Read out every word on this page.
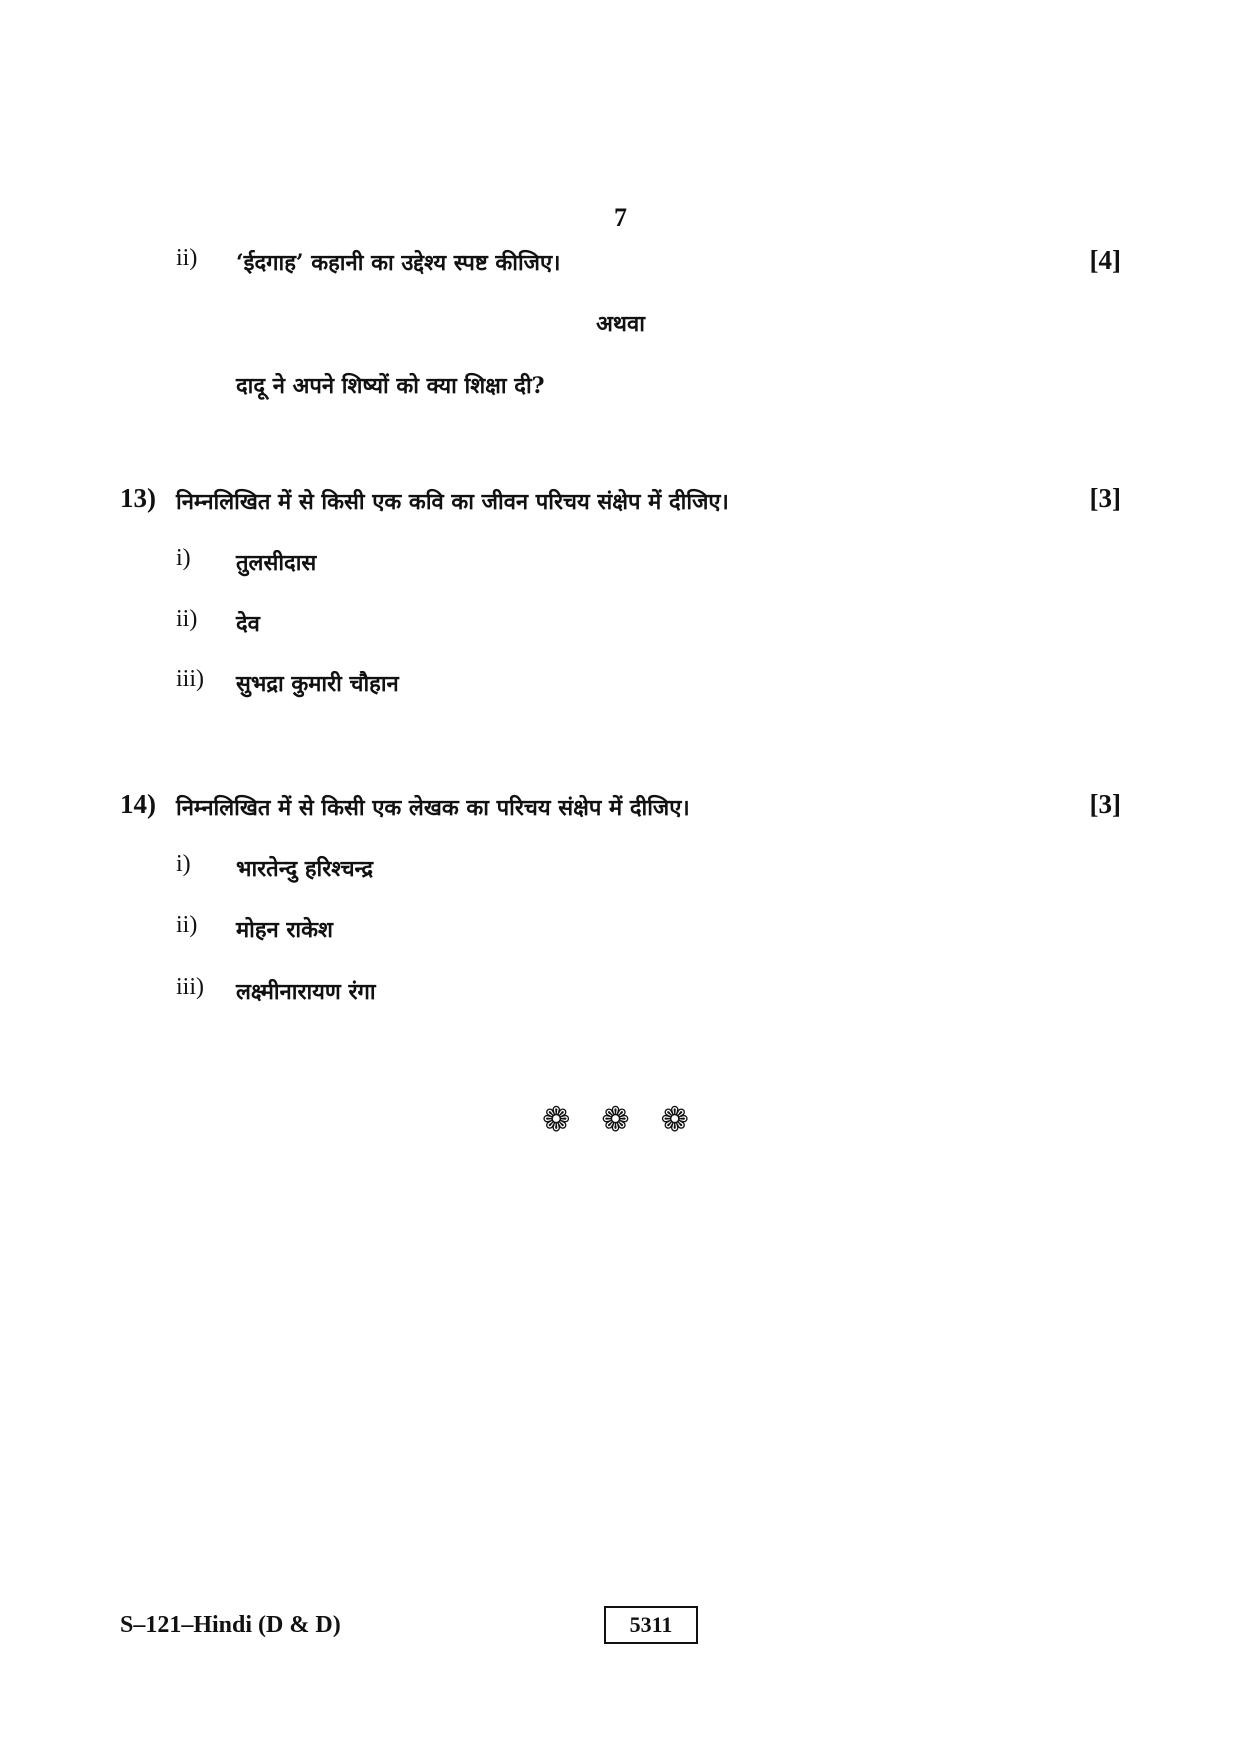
7
ii) ‘ईदगाह’ कहानी का उद्देश्य स्पष्ट कीजिए।	[4]
अथवा
दादू ने अपने शिष्यों को क्या शिक्षा दी?
13) निम्नलिखित में से किसी एक कवि का जीवन परिचय संक्षेप में दीजिए।	[3]
i) तुलसीदास
ii) देव
iii) सुभद्रा कुमारी चौहान
14) निम्नलिखित में से किसी एक लेखक का परिचय संक्षेप में दीजिए।	[3]
i) भारतेन्दु हरिश्चन्द्र
ii) मोहन राकेश
iii) लक्ष्मीनारायण रंगा
❁ ❁ ❁
S–121–Hindi (D & D)	5311
